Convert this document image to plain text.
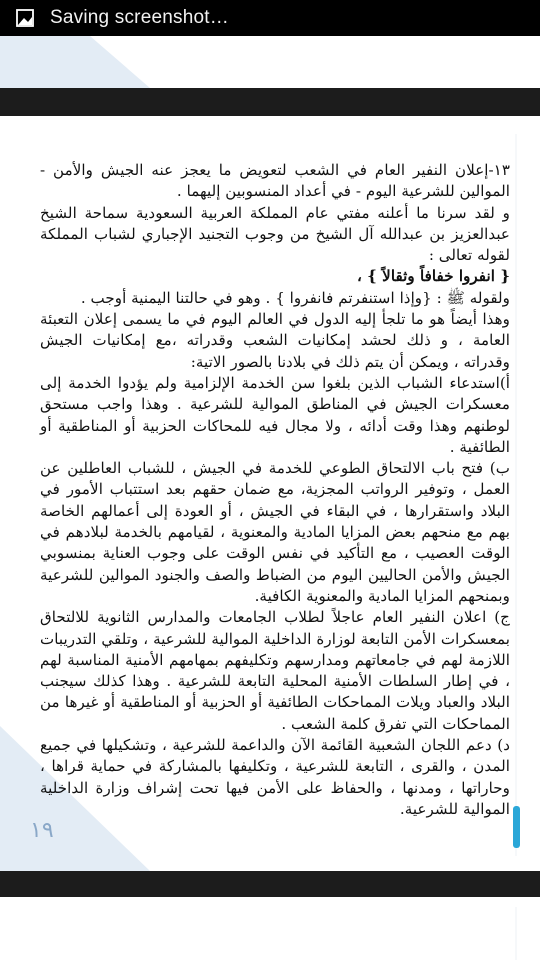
Saving screenshot…

١٣-إعلان النفير العام في الشعب لتعويض ما يعجز عنه الجيش والأمن - الموالين للشرعية اليوم - في أعداد المنسوبين إليهما .

و لقد سرنا ما أعلنه مفتي عام المملكة العربية السعودية سماحة الشيخ عبدالعزيز بن عبدالله آل الشيخ من وجوب التجنيد الإجباري لشباب المملكة لقوله تعالى :

{ انفروا خفافاً وثقالاً } ،

ولقوله ﷺ : {وإذا استنفرتم فانفروا } . وهو في حالتنا اليمنية أوجب .

وهذا أيضاً هو ما تلجأ إليه الدول في العالم اليوم في ما يسمى إعلان التعبئة العامة ، و ذلك لحشد إمكانيات الشعب وقدراته ،مع إمكانيات الجيش وقدراته ، ويمكن أن يتم ذلك في بلادنا بالصور الاتية:

أ)استدعاء الشباب الذين بلغوا سن الخدمة الإلزامية ولم يؤدوا الخدمة إلى معسكرات الجيش في المناطق الموالية للشرعية . وهذا واجب مستحق لوطنهم وهذا وقت أدائه ، ولا مجال فيه للمحاكات الحزبية أو المناطقية أو الطائفية .

ب) فتح باب الالتحاق الطوعي للخدمة في الجيش ، للشباب العاطلين عن العمل ، وتوفير الرواتب المجزية، مع ضمان حقهم بعد استتباب الأمور في البلاد واستقرارها ، في البقاء في الجيش ، أو العودة إلى أعمالهم الخاصة بهم مع منحهم بعض المزايا المادية والمعنوية ، لقيامهم بالخدمة لبلادهم في الوقت العصيب ، مع التأكيد في نفس الوقت على وجوب العناية بمنسوبي الجيش والأمن الحاليين اليوم من الضباط والصف والجنود الموالين للشرعية وبمنحهم المزايا المادية والمعنوية الكافية.

ج) اعلان النفير العام عاجلاً لطلاب الجامعات والمدارس الثانوية للالتحاق بمعسكرات الأمن التابعة لوزارة الداخلية الموالية للشرعية ، وتلقي التدريبات اللازمة لهم في جامعاتهم ومدارسهم وتكليفهم بمهامهم الأمنية المناسبة لهم ، في إطار السلطات الأمنية المحلية التابعة للشرعية . وهذا كذلك سيجنب البلاد والعباد ويلات المماحكات الطائفية أو الحزبية أو المناطقية أو غيرها من المماحكات التي تفرق كلمة الشعب .

د) دعم اللجان الشعبية القائمة الآن والداعمة للشرعية ، وتشكيلها في جميع المدن ، والقرى ، التابعة للشرعية ، وتكليفها بالمشاركة في حماية قراها ، وحاراتها ، ومدنها ، والحفاظ على الأمن فيها تحت إشراف وزارة الداخلية الموالية للشرعية.

١٩
